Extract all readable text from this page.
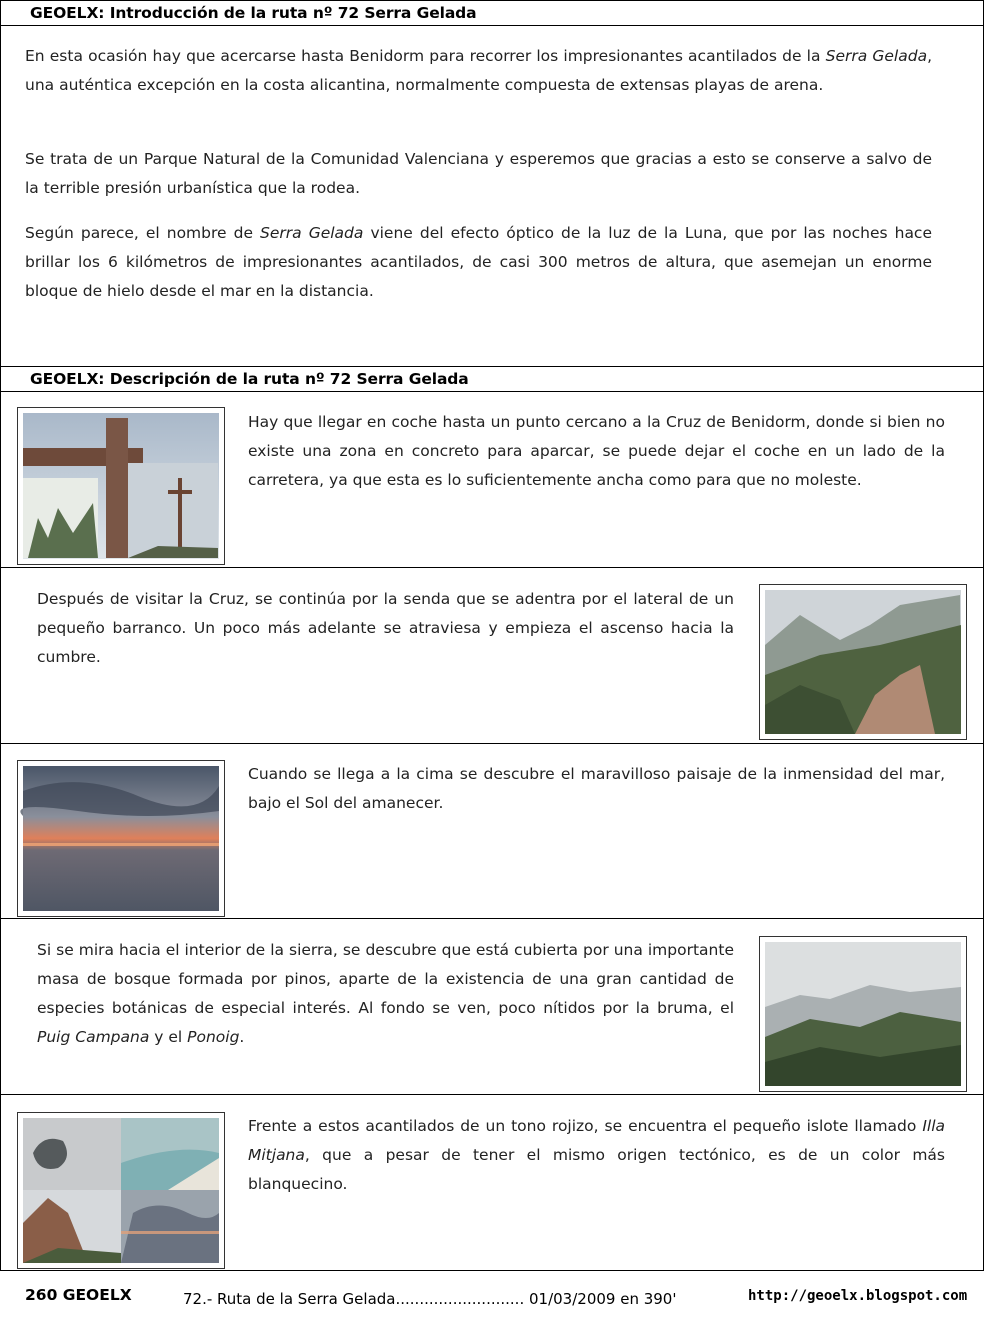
GEOELX: Introducción de la ruta nº 72 Serra Gelada

En esta ocasión hay que acercarse hasta Benidorm para recorrer los impresionantes acantilados de la Serra Gelada, una auténtica excepción en la costa alicantina, normalmente compuesta de extensas playas de arena.

Se trata de un Parque Natural de la Comunidad Valenciana y esperemos que gracias a esto se conserve a salvo de la terrible presión urbanística que la rodea.

Según parece, el nombre de Serra Gelada viene del efecto óptico de la luz de la Luna, que por las noches hace brillar los 6 kilómetros de impresionantes acantilados, de casi 300 metros de altura, que asemejan un enorme bloque de hielo desde el mar en la distancia.

GEOELX: Descripción de la ruta nº 72 Serra Gelada

Hay que llegar en coche hasta un punto cercano a la Cruz de Benidorm, donde si bien no existe una zona en concreto para aparcar, se puede dejar el coche en un lado de la carretera, ya que esta es lo suficientemente ancha como para que no moleste.

Después de visitar la Cruz, se continúa por la senda que se adentra por el lateral de un pequeño barranco. Un poco más adelante se atraviesa y empieza el ascenso hacia la cumbre.

Cuando se llega a la cima se descubre el maravilloso paisaje de la inmensidad del mar, bajo el Sol del amanecer.

Si se mira hacia el interior de la sierra, se descubre que está cubierta por una importante masa de bosque formada por pinos, aparte de la existencia de una gran cantidad de especies botánicas de especial interés. Al fondo se ven, poco nítidos por la bruma, el Puig Campana y el Ponoig.

Frente a estos acantilados de un tono rojizo, se encuentra el pequeño islote llamado Illa Mitjana, que a pesar de tener el mismo origen tectónico, es de un color más blanquecino.

260 GEOELX	72.- Ruta de la Serra Gelada........................... 01/03/2009 en 390'	http://geoelx.blogspot.com
